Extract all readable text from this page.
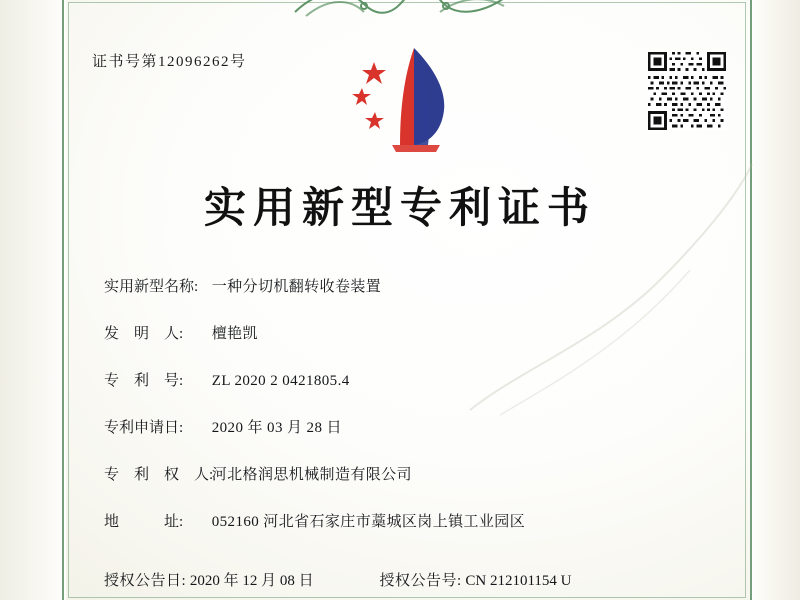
证书号第12096262号
实用新型专利证书
实用新型名称: 一种分切机翻转收卷装置
发　明　人: 檀艳凯
专　利　号: ZL 2020 2 0421805.4
专利申请日: 2020 年 03 月 28 日
专　利　权　人: 河北格润思机械制造有限公司
地　　　址: 052160 河北省石家庄市藁城区岗上镇工业园区
授权公告日: 2020 年 12 月 08 日	授权公告号: CN 212101154 U
